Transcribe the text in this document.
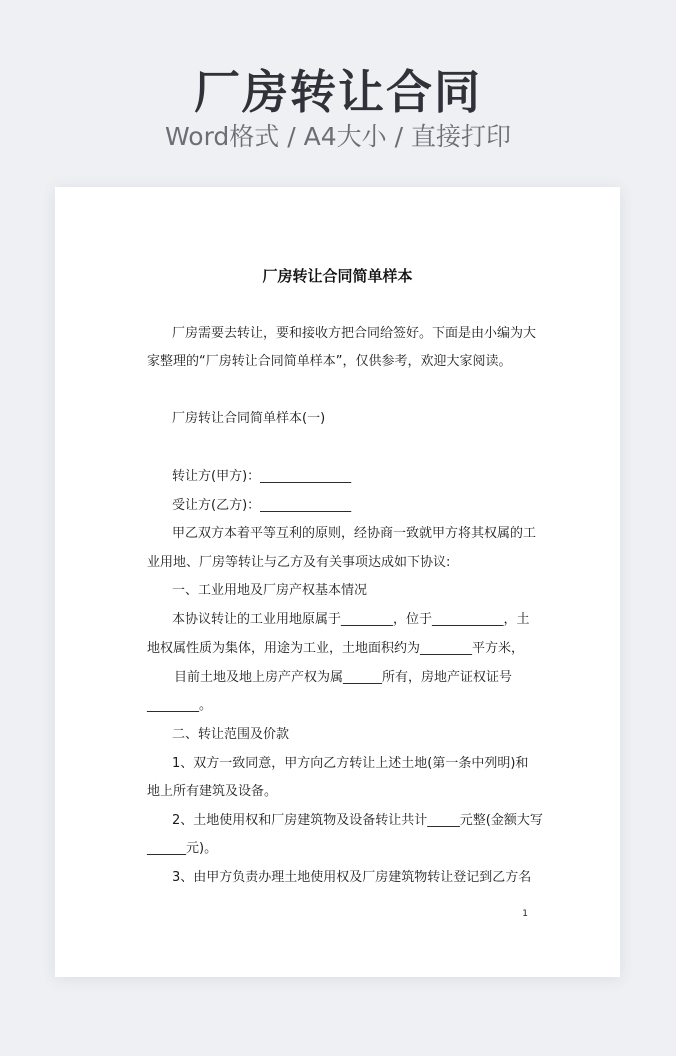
厂房转让合同
Word格式 / A4大小 / 直接打印
厂房转让合同简单样本
厂房需要去转让，要和接收方把合同给签好。下面是由小编为大
家整理的“厂房转让合同简单样本”，仅供参考，欢迎大家阅读。
厂房转让合同简单样本(一)
转让方(甲方)：______________
受让方(乙方)：______________
甲乙双方本着平等互利的原则，经协商一致就甲方将其权属的工
业用地、厂房等转让与乙方及有关事项达成如下协议:
一、工业用地及厂房产权基本情况
本协议转让的工业用地原属于________，位于___________，土
地权属性质为集体，用途为工业，土地面积约为________平方米，
目前土地及地上房产产权为属______所有，房地产证权证号
________。
二、转让范围及价款
1、双方一致同意，甲方向乙方转让上述土地(第一条中列明)和
地上所有建筑及设备。
2、土地使用权和厂房建筑物及设备转让共计_____元整(金额大写
______元)。
3、由甲方负责办理土地使用权及厂房建筑物转让登记到乙方名
1
